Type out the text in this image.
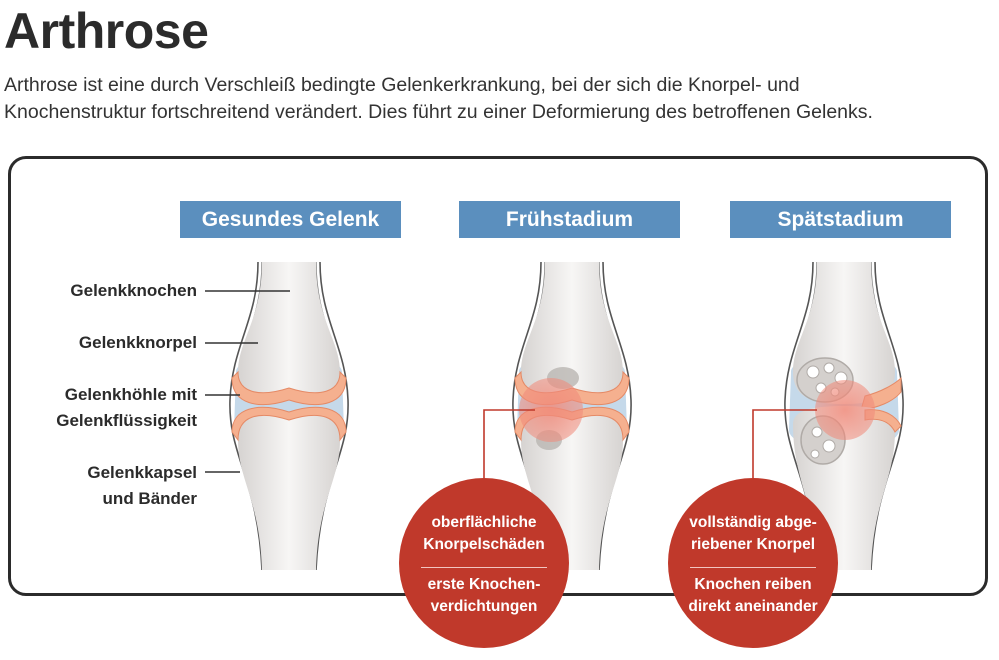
Arthrose
Arthrose ist eine durch Verschleiß bedingte Gelenkerkrankung, bei der sich die Knorpel- und
Knochenstruktur fortschreitend verändert. Dies führt zu einer Deformierung des betroffenen Gelenks.
Gesundes Gelenk	Frühstadium	Spätstadium
Gelenkknochen
Gelenkknorpel
Gelenkhöhle mit
Gelenkflüssigkeit
Gelenkkapsel
und Bänder
oberflächliche
Knorpelschäden
erste Knochen-
verdichtungen
vollständig abge-
riebener Knorpel
Knochen reiben
direkt aneinander
